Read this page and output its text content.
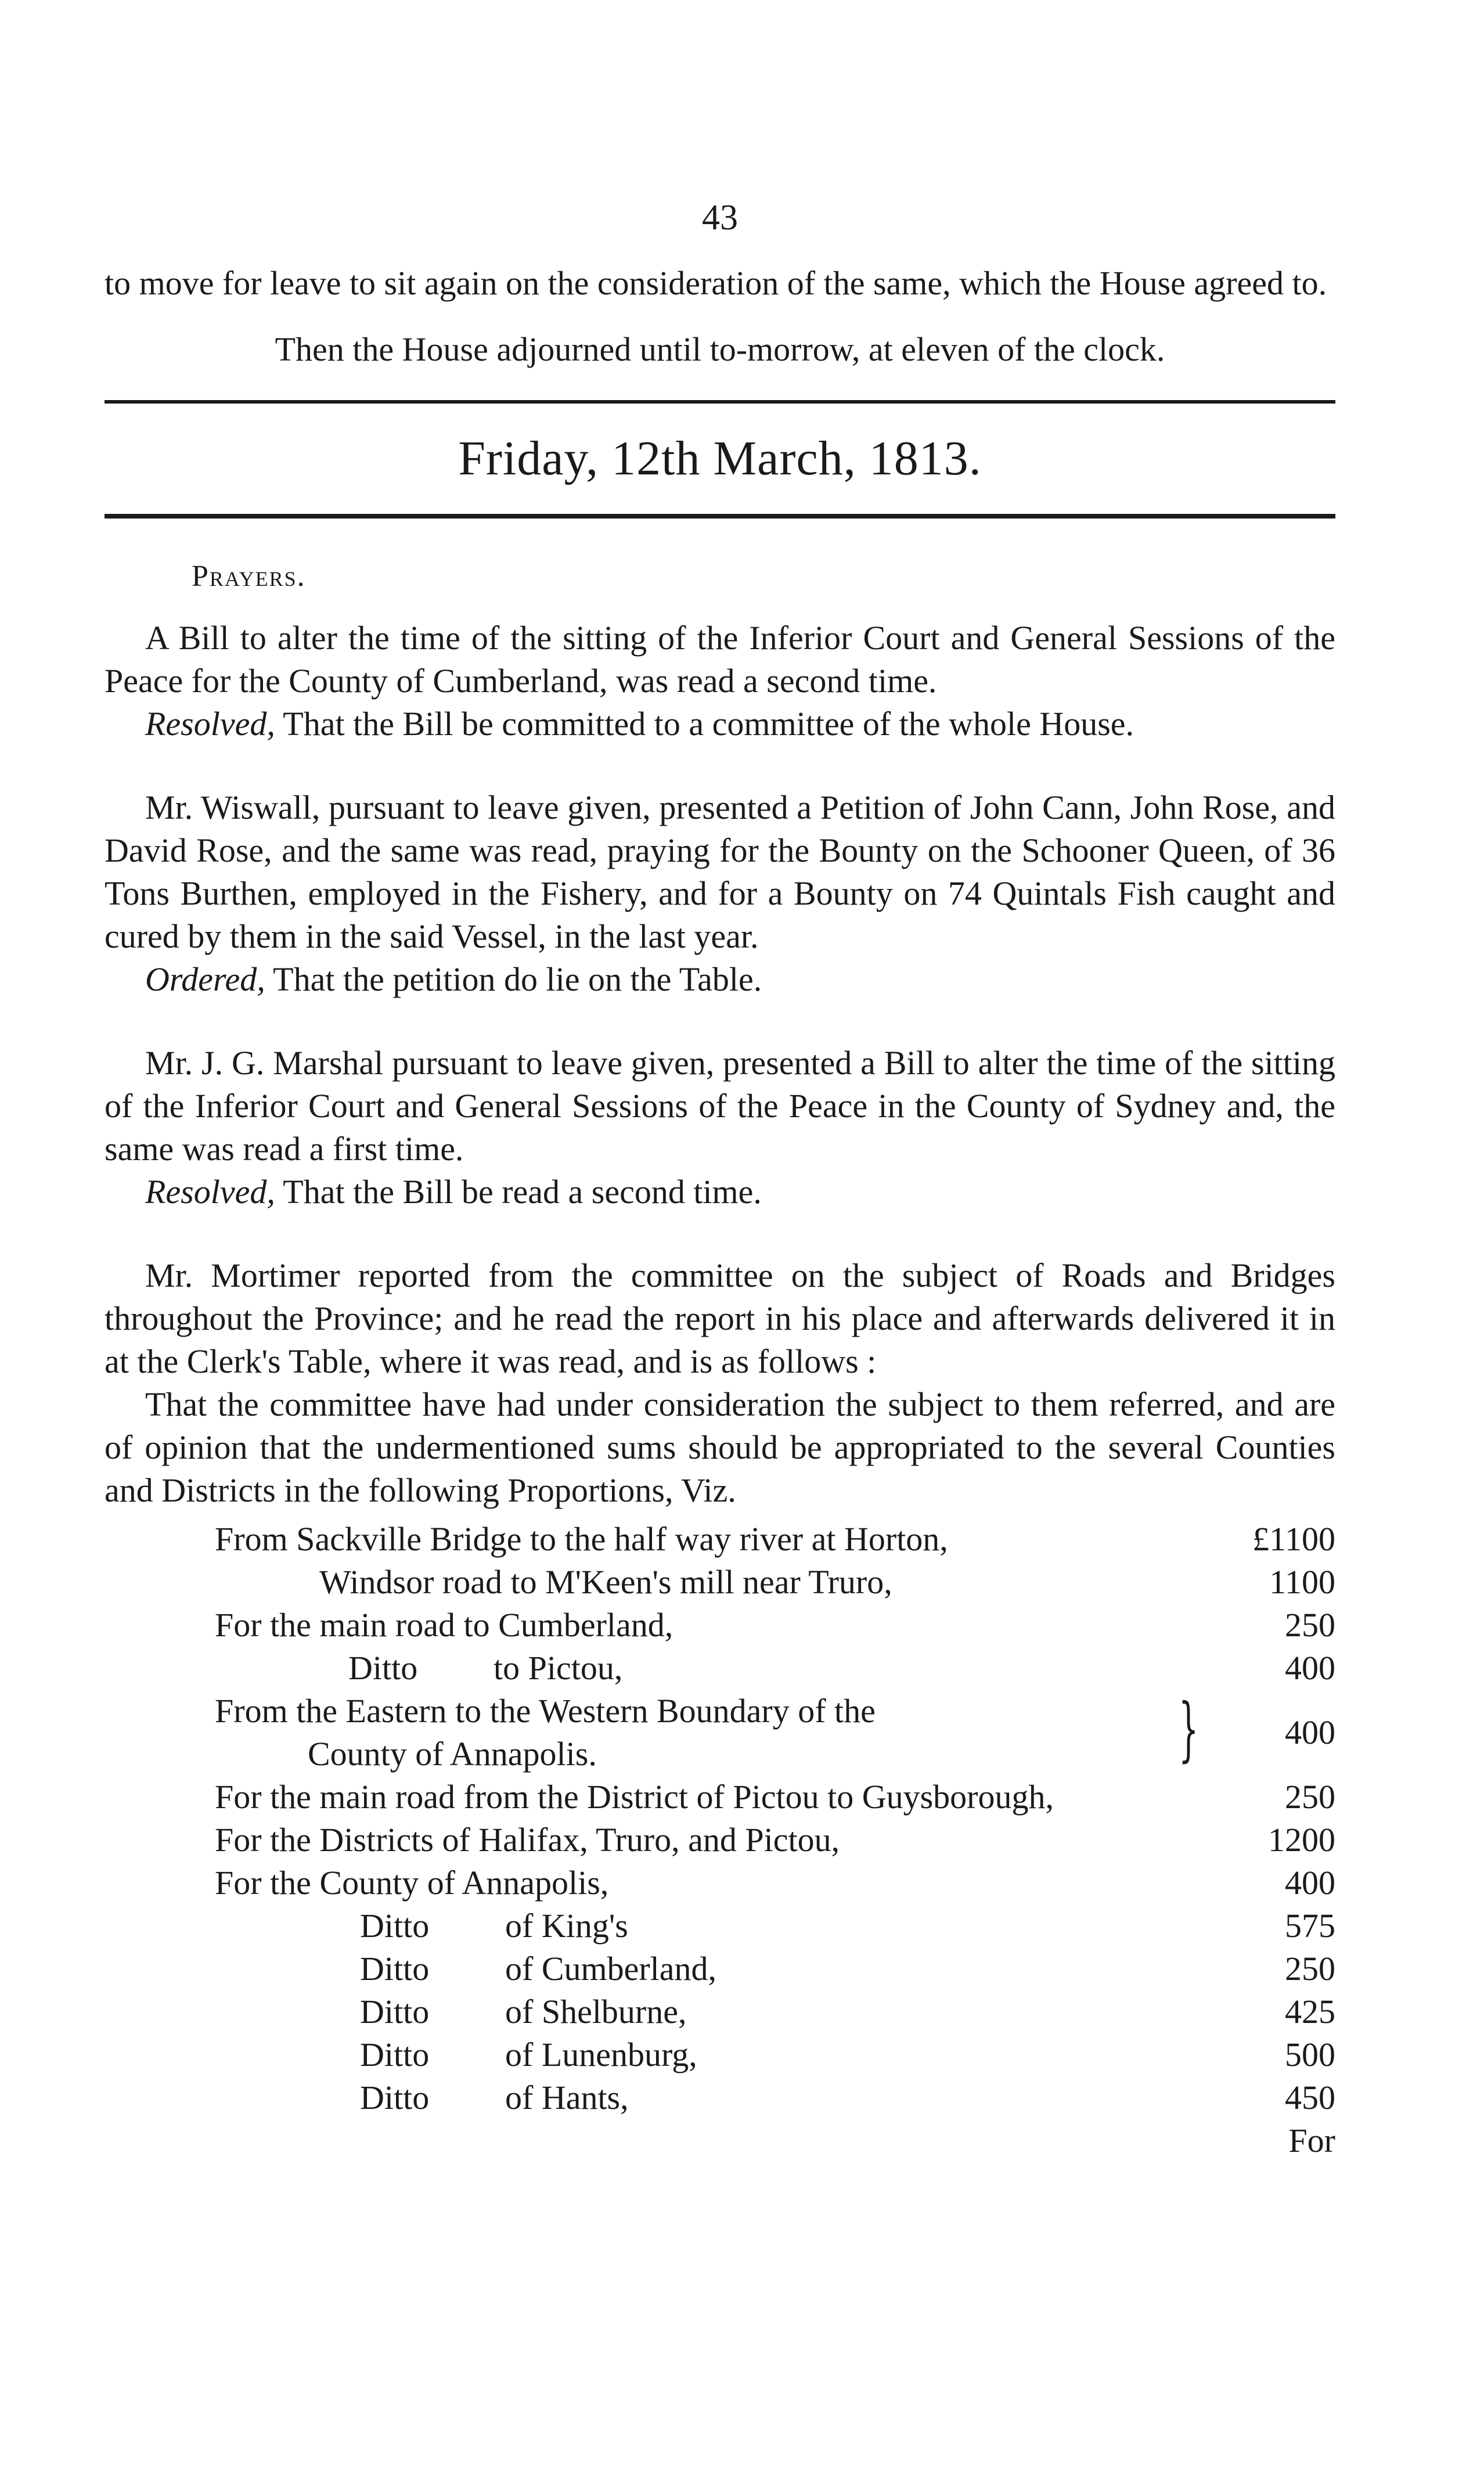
43

to move for leave to sit again on the consideration of the same, which the House agreed to.

Then the House adjourned until to-morrow, at eleven of the clock.

Friday, 12th March, 1813.
Prayers.

A Bill to alter the time of the sitting of the Inferior Court and General Sessions of the Peace for the County of Cumberland, was read a second time.

Resolved, That the Bill be committed to a committee of the whole House.

Mr. Wiswall, pursuant to leave given, presented a Petition of John Cann, John Rose, and David Rose, and the same was read, praying for the Bounty on the Schooner Queen, of 36 Tons Burthen, employed in the Fishery, and for a Bounty on 74 Quintals Fish caught and cured by them in the said Vessel, in the last year.

Ordered, That the petition do lie on the Table.

Mr. J. G. Marshal pursuant to leave given, presented a Bill to alter the time of the sitting of the Inferior Court and General Sessions of the Peace in the County of Sydney and, the same was read a first time.

Resolved, That the Bill be read a second time.

Mr. Mortimer reported from the committee on the subject of Roads and Bridges throughout the Province; and he read the report in his place and afterwards delivered it in at the Clerk's Table, where it was read, and is as follows :

That the committee have had under consideration the subject to them referred, and are of opinion that the undermentioned sums should be appropriated to the several Counties and Districts in the following Proportions, Viz.

From Sackville Bridge to the half way river at Horton,	£1100
Windsor road to M'Keen's mill near Truro,	1100
For the main road to Cumberland,	250
Ditto to Pictou,	400

From the Eastern to the Western Boundary of the
County of Annapolis. }	400
For the main road from the District of Pictou to Guysborough,	250
For the Districts of Halifax, Truro, and Pictou,	1200
For the County of Annapolis,	400
Ditto of King's	575
Ditto of Cumberland,	250
Ditto of Shelburne,	425
Ditto of Lunenburg,	500
Ditto of Hants,	450
For
